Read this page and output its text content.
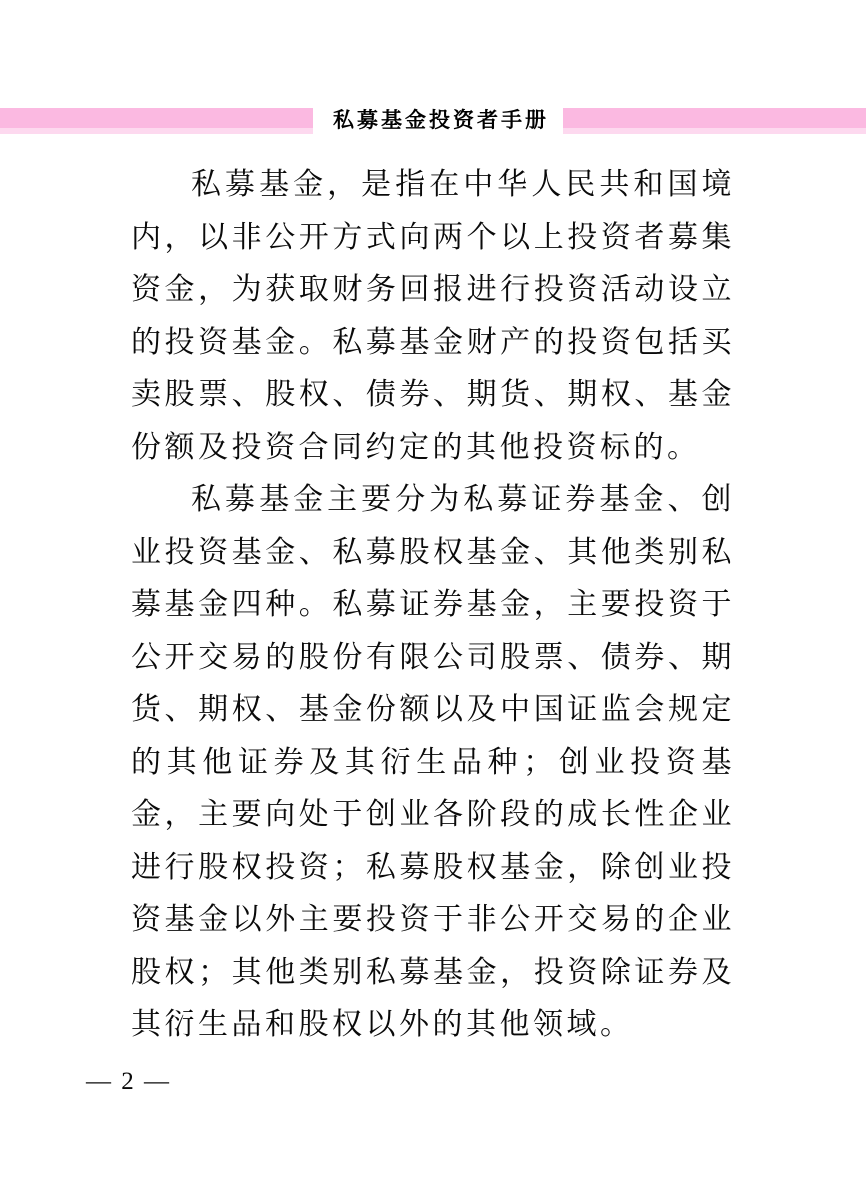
私募基金投资者手册

私募基金，是指在中华人民共和国境内，以非公开方式向两个以上投资者募集资金，为获取财务回报进行投资活动设立的投资基金。私募基金财产的投资包括买卖股票、股权、债券、期货、期权、基金份额及投资合同约定的其他投资标的。

私募基金主要分为私募证券基金、创业投资基金、私募股权基金、其他类别私募基金四种。私募证券基金，主要投资于公开交易的股份有限公司股票、债券、期货、期权、基金份额以及中国证监会规定的其他证券及其衍生品种；创业投资基金，主要向处于创业各阶段的成长性企业进行股权投资；私募股权基金，除创业投资基金以外主要投资于非公开交易的企业股权；其他类别私募基金，投资除证券及其衍生品和股权以外的其他领域。

— 2 —
